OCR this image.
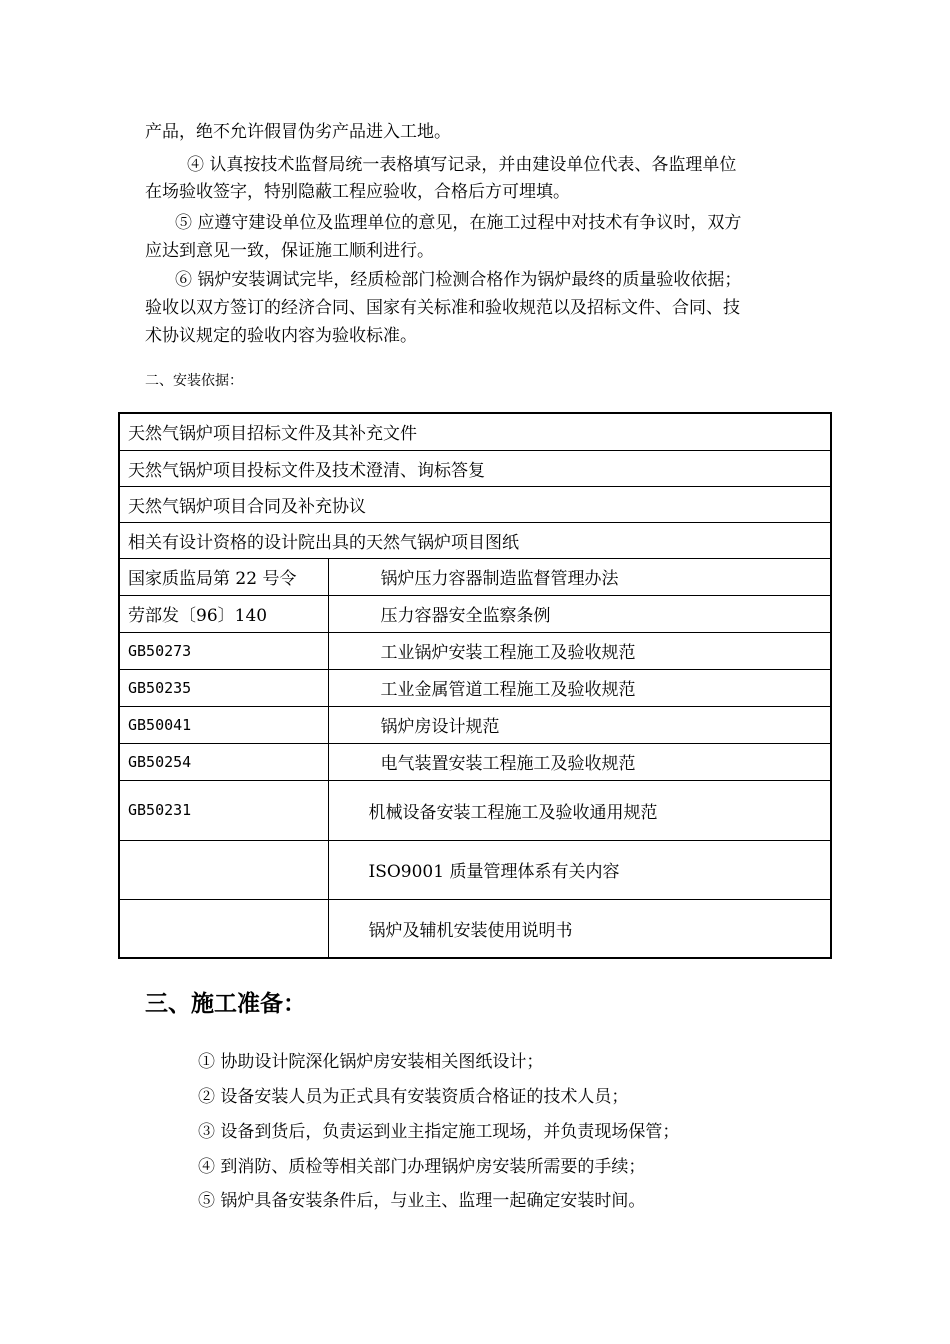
产品，绝不允许假冒伪劣产品进入工地。
④ 认真按技术监督局统一表格填写记录，并由建设单位代表、各监理单位
在场验收签字，特别隐蔽工程应验收，合格后方可埋填。
⑤ 应遵守建设单位及监理单位的意见，在施工过程中对技术有争议时，双方
应达到意见一致，保证施工顺利进行。
⑥ 锅炉安装调试完毕，经质检部门检测合格作为锅炉最终的质量验收依据；
验收以双方签订的经济合同、国家有关标准和验收规范以及招标文件、合同、技
术协议规定的验收内容为验收标准。
二、安装依据：
天然气锅炉项目招标文件及其补充文件	
天然气锅炉项目投标文件及技术澄清、询标答复	
天然气锅炉项目合同及补充协议	
相关有设计资格的设计院出具的天然气锅炉项目图纸	
国家质监局第 22 号令	锅炉压力容器制造监督管理办法
劳部发〔96〕140	压力容器安全监察条例
GB50273	工业锅炉安装工程施工及验收规范
GB50235	工业金属管道工程施工及验收规范
GB50041	锅炉房设计规范
GB50254	电气装置安装工程施工及验收规范
GB50231	机械设备安装工程施工及验收通用规范
	ISO9001 质量管理体系有关内容
	锅炉及辅机安装使用说明书
三、施工准备：
① 协助设计院深化锅炉房安装相关图纸设计；
② 设备安装人员为正式具有安装资质合格证的技术人员；
③ 设备到货后，负责运到业主指定施工现场，并负责现场保管；
④ 到消防、质检等相关部门办理锅炉房安装所需要的手续；
⑤ 锅炉具备安装条件后，与业主、监理一起确定安装时间。
